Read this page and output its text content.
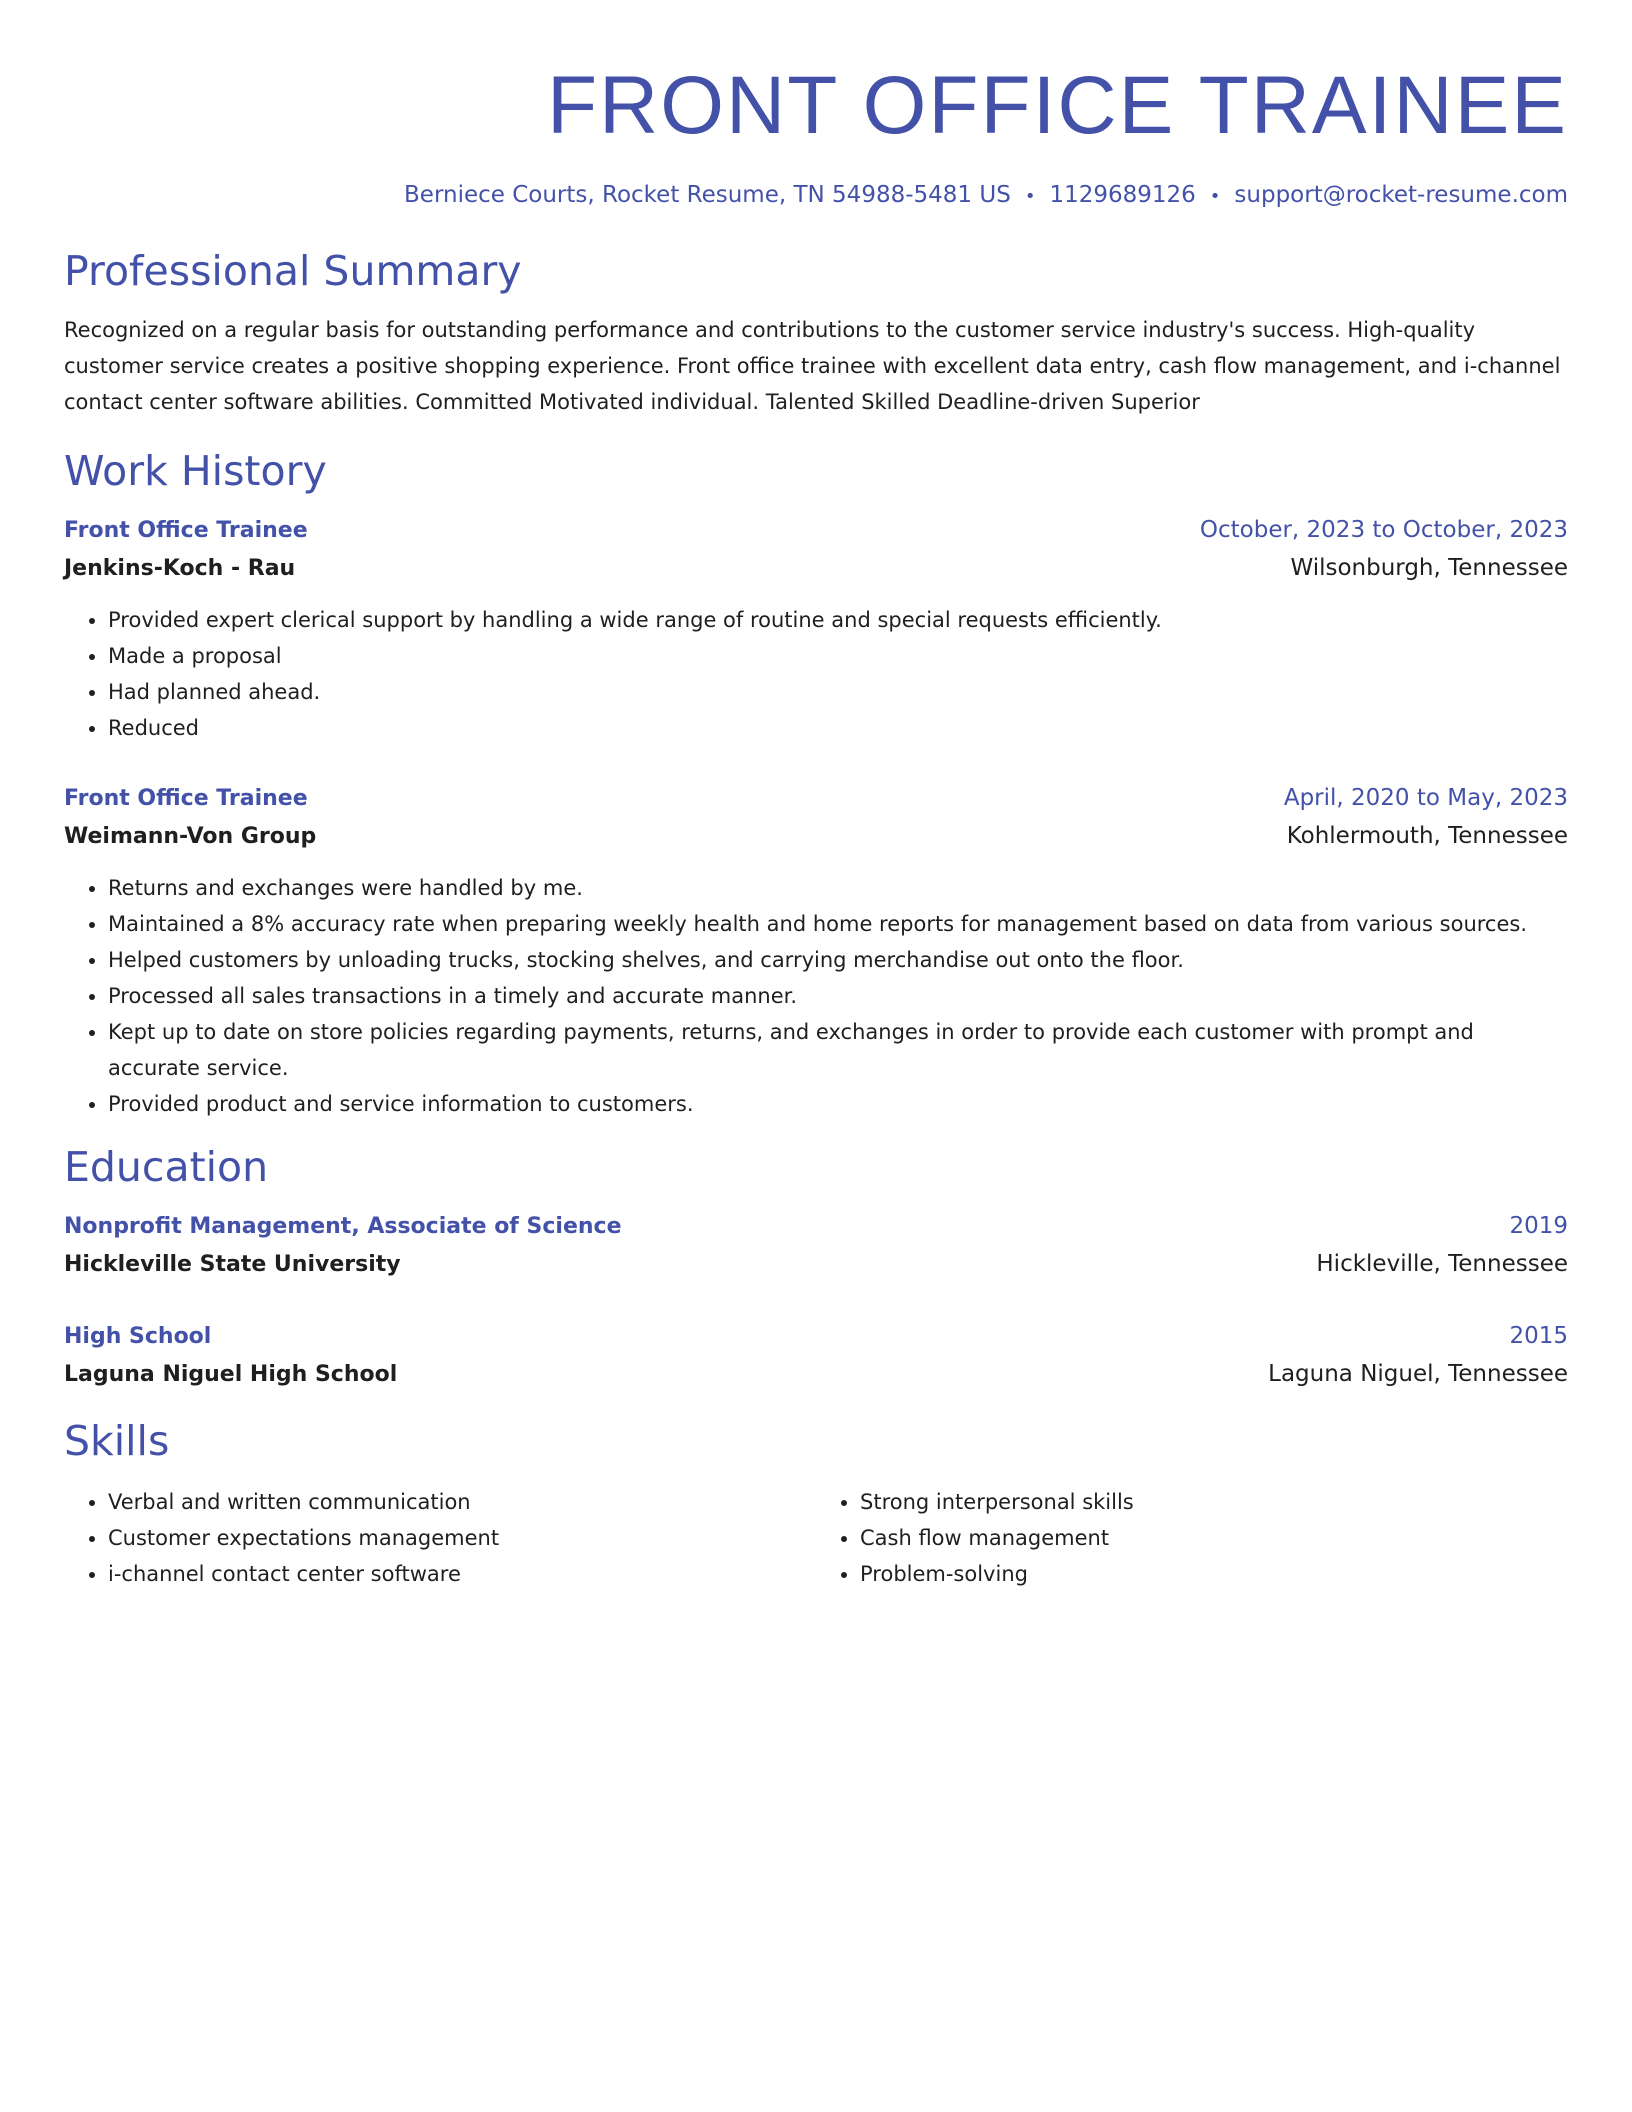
FRONT OFFICE TRAINEE
Berniece Courts, Rocket Resume, TN 54988-5481 US • 1129689126 • support@rocket-resume.com
Professional Summary
Recognized on a regular basis for outstanding performance and contributions to the customer service industry's success. High-quality customer service creates a positive shopping experience. Front office trainee with excellent data entry, cash flow management, and i-channel contact center software abilities. Committed Motivated individual. Talented Skilled Deadline-driven Superior
Work History
Front Office Trainee	October, 2023 to October, 2023
Jenkins-Koch - Rau	Wilsonburgh, Tennessee
• Provided expert clerical support by handling a wide range of routine and special requests efficiently.
• Made a proposal
• Had planned ahead.
• Reduced
Front Office Trainee	April, 2020 to May, 2023
Weimann-Von Group	Kohlermouth, Tennessee
• Returns and exchanges were handled by me.
• Maintained a 8% accuracy rate when preparing weekly health and home reports for management based on data from various sources.
• Helped customers by unloading trucks, stocking shelves, and carrying merchandise out onto the floor.
• Processed all sales transactions in a timely and accurate manner.
• Kept up to date on store policies regarding payments, returns, and exchanges in order to provide each customer with prompt and accurate service.
• Provided product and service information to customers.
Education
Nonprofit Management, Associate of Science	2019
Hickleville State University	Hickleville, Tennessee
High School	2015
Laguna Niguel High School	Laguna Niguel, Tennessee
Skills
• Verbal and written communication
• Customer expectations management
• i-channel contact center software
• Strong interpersonal skills
• Cash flow management
• Problem-solving
